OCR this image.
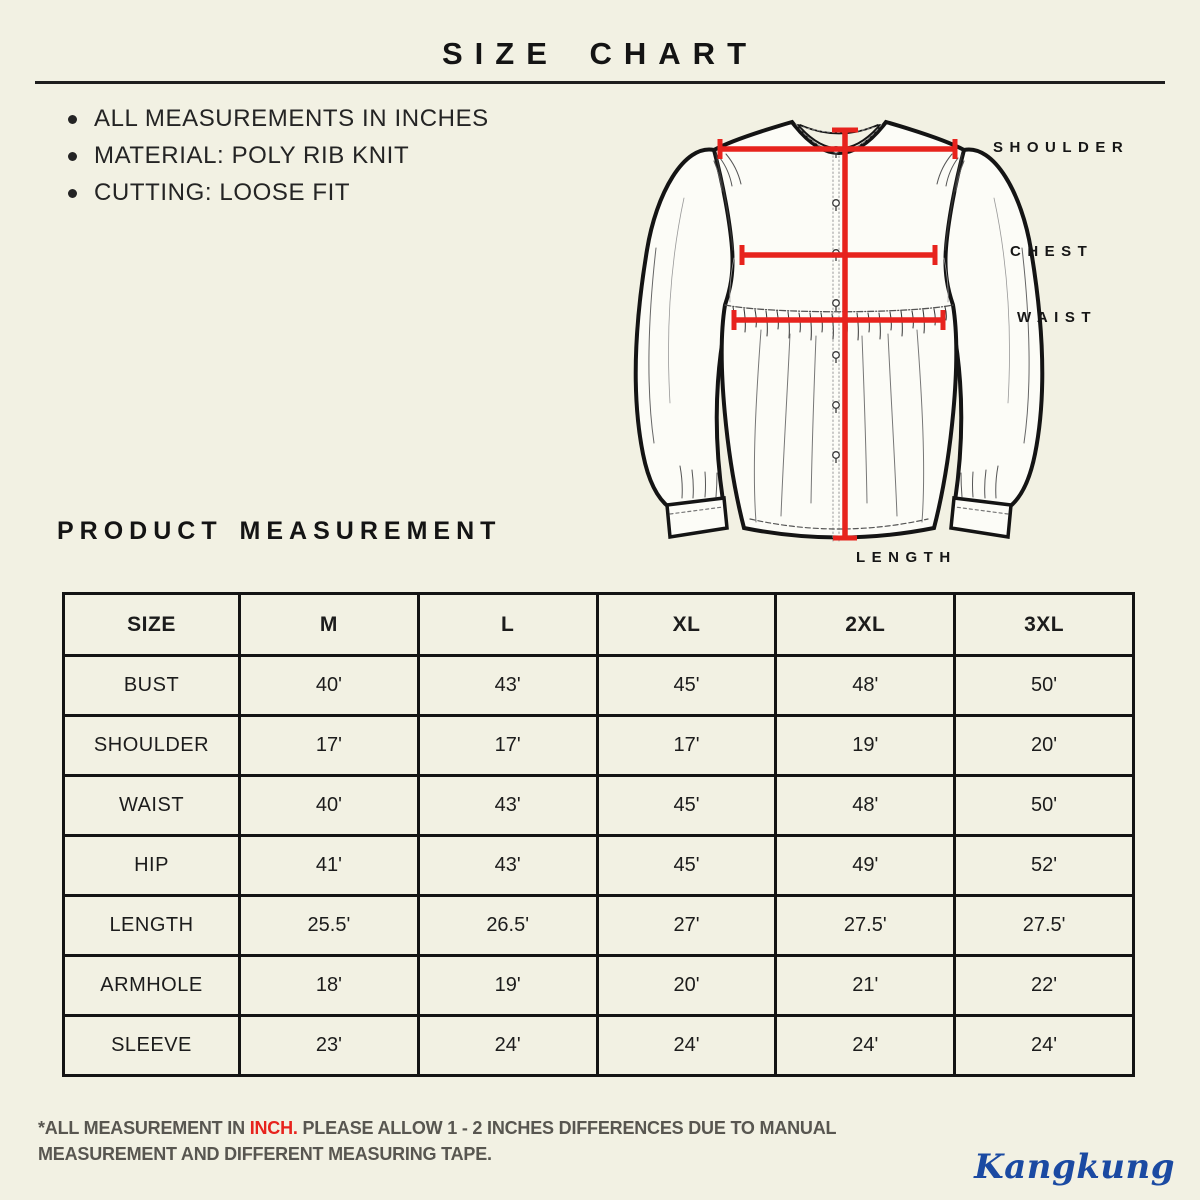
SIZE CHART
ALL MEASUREMENTS IN INCHES
MATERIAL: POLY RIB KNIT
CUTTING: LOOSE FIT
SHOULDER
CHEST
WAIST
LENGTH
PRODUCT MEASUREMENT
SIZE	M	L	XL	2XL	3XL
BUST	40'	43'	45'	48'	50'
SHOULDER	17'	17'	17'	19'	20'
WAIST	40'	43'	45'	48'	50'
HIP	41'	43'	45'	49'	52'
LENGTH	25.5'	26.5'	27'	27.5'	27.5'
ARMHOLE	18'	19'	20'	21'	22'
SLEEVE	23'	24'	24'	24'	24'
*ALL MEASUREMENT IN INCH. PLEASE ALLOW 1 - 2 INCHES DIFFERENCES DUE TO MANUAL
MEASUREMENT AND DIFFERENT MEASURING TAPE.	Kangkung
